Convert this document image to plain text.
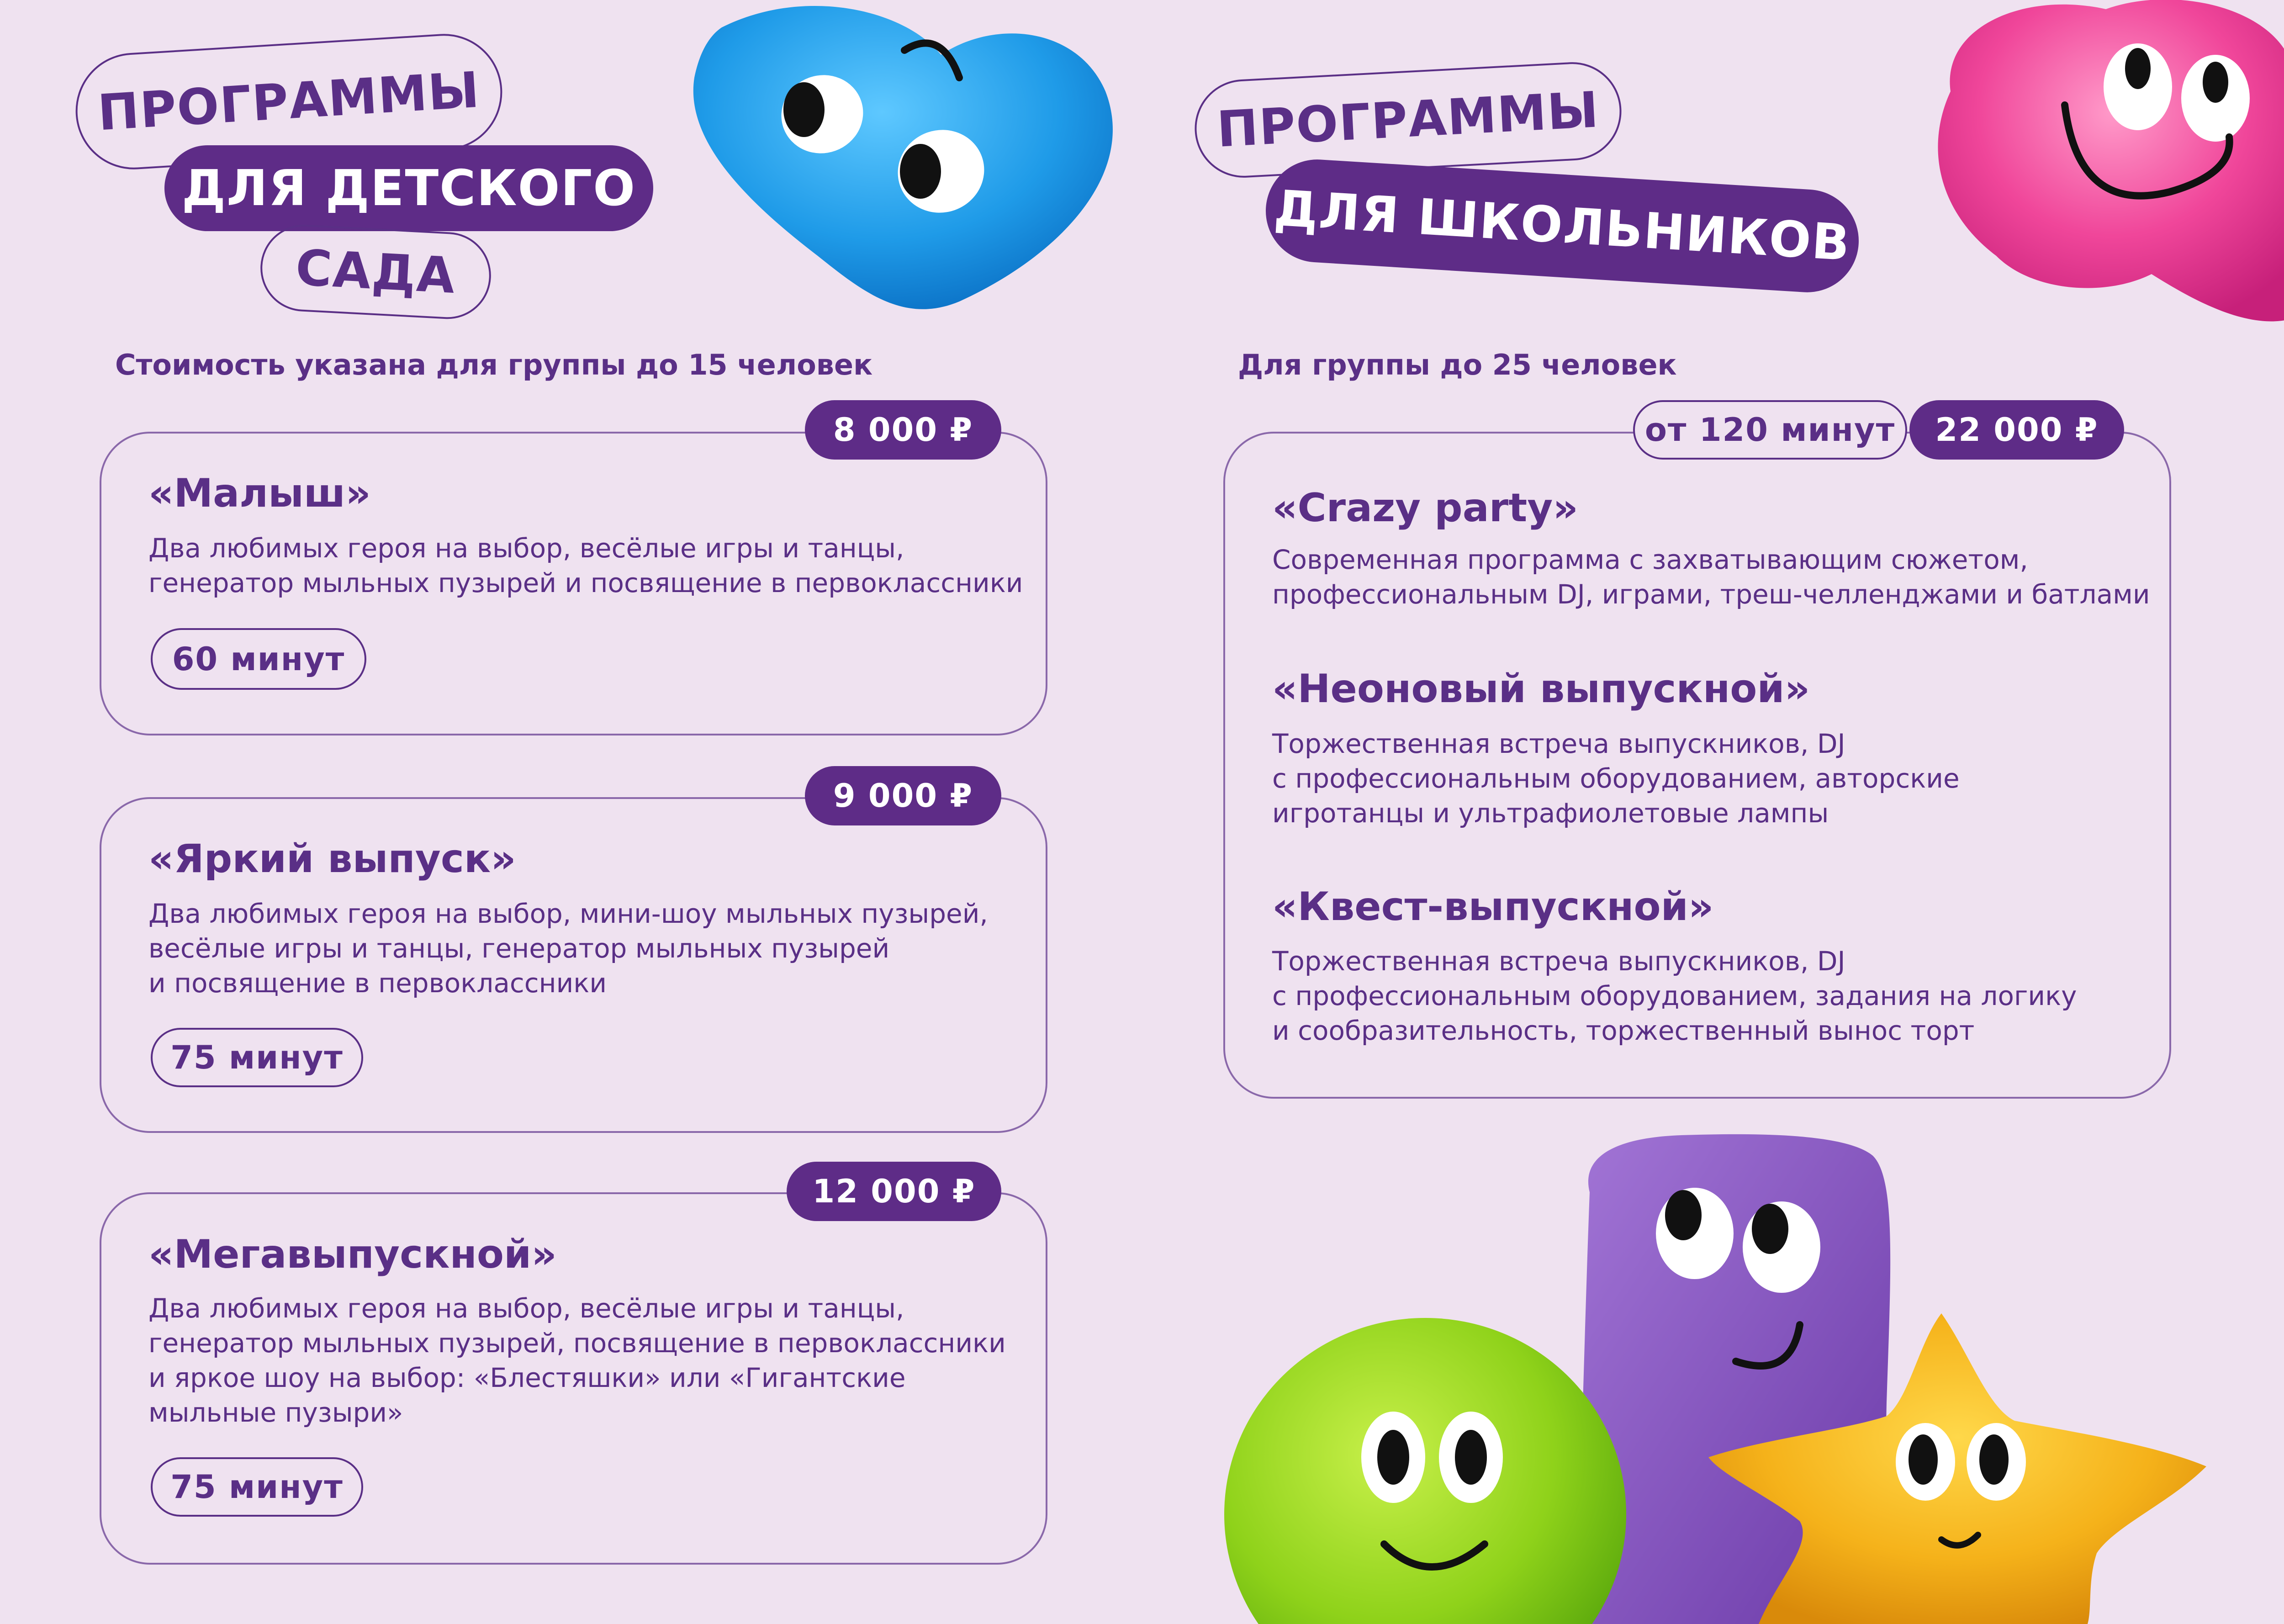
ПРОГРАММЫ
ДЛЯ ДЕТСКОГО
САДА
Стоимость указана для группы до 15 человек
8 000 ₽
«Малыш»
Два любимых героя на выбор, весёлые игры и танцы,
генератор мыльных пузырей и посвящение в первоклассники
60 минут
9 000 ₽
«Яркий выпуск»
Два любимых героя на выбор, мини-шоу мыльных пузырей,
весёлые игры и танцы, генератор мыльных пузырей
и посвящение в первоклассники
75 минут
12 000 ₽
«Мегавыпускной»
Два любимых героя на выбор, весёлые игры и танцы,
генератор мыльных пузырей, посвящение в первоклассники
и яркое шоу на выбор: «Блестяшки» или «Гигантские
мыльные пузыри»
75 минут
ПРОГРАММЫ
ДЛЯ ШКОЛЬНИКОВ
Для группы до 25 человек
от 120 минут 22 000 ₽
«Crazy party»
Современная программа с захватывающим сюжетом,
профессиональным DJ, играми, треш-челленджами и батлами
«Неоновый выпускной»
Торжественная встреча выпускников, DJ
с профессиональным оборудованием, авторские
игротанцы и ультрафиолетовые лампы
«Квест-выпускной»
Торжественная встреча выпускников, DJ
с профессиональным оборудованием, задания на логику
и сообразительность, торжественный вынос торт
